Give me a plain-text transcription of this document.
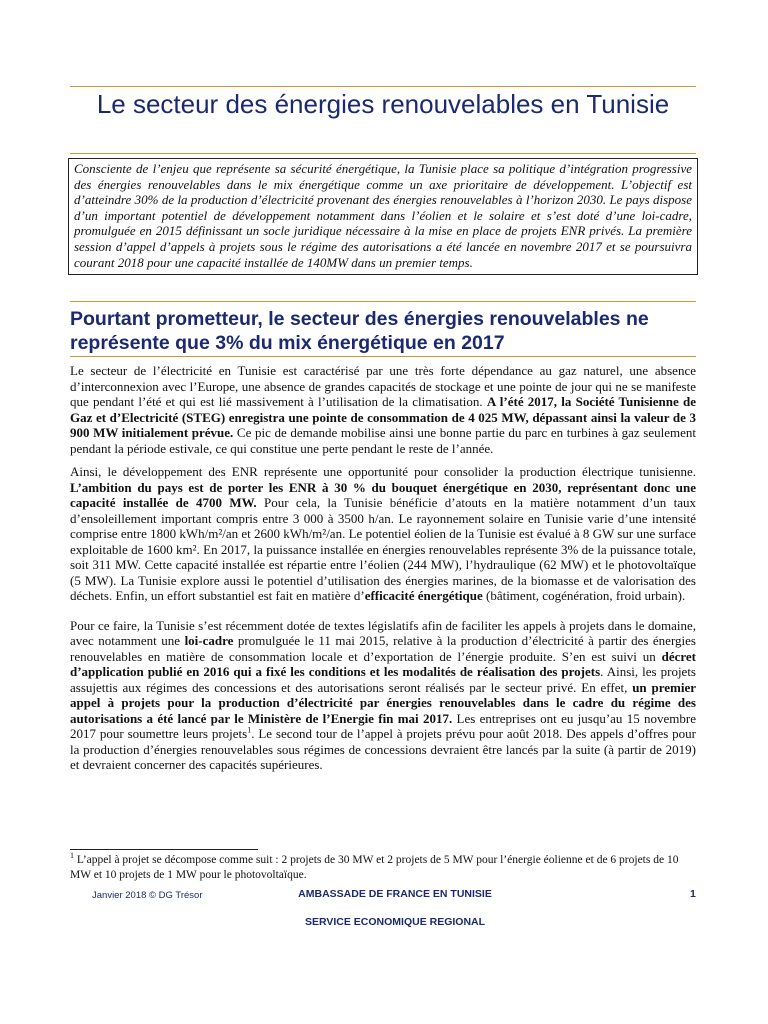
Le secteur des énergies renouvelables en Tunisie

Consciente de l’enjeu que représente sa sécurité énergétique, la Tunisie place sa politique d’intégration progressive des énergies renouvelables dans le mix énergétique comme un axe prioritaire de développement. L’objectif est d’atteindre 30% de la production d’électricité provenant des énergies renouvelables à l’horizon 2030. Le pays dispose d’un important potentiel de développement notamment dans l’éolien et le solaire et s’est doté d’une loi-cadre, promulguée en 2015 définissant un socle juridique nécessaire à la mise en place de projets ENR privés. La première session d’appel d’appels à projets sous le régime des autorisations a été lancée en novembre 2017 et se poursuivra courant 2018 pour une capacité installée de 140MW dans un premier temps.

Pourtant prometteur, le secteur des énergies renouvelables ne représente que 3% du mix énergétique en 2017

Le secteur de l’électricité en Tunisie est caractérisé par une très forte dépendance au gaz naturel, une absence d’interconnexion avec l’Europe, une absence de grandes capacités de stockage et une pointe de jour qui ne se manifeste que pendant l’été et qui est lié massivement à l’utilisation de la climatisation. A l’été 2017, la Société Tunisienne de Gaz et d’Electricité (STEG) enregistra une pointe de consommation de 4 025 MW, dépassant ainsi la valeur de 3 900 MW initialement prévue. Ce pic de demande mobilise ainsi une bonne partie du parc en turbines à gaz seulement pendant la période estivale, ce qui constitue une perte pendant le reste de l’année.

Ainsi, le développement des ENR représente une opportunité pour consolider la production électrique tunisienne. L’ambition du pays est de porter les ENR à 30 % du bouquet énergétique en 2030, représentant donc une capacité installée de 4700 MW. Pour cela, la Tunisie bénéficie d’atouts en la matière notamment d’un taux d’ensoleillement important compris entre 3 000 à 3500 h/an. Le rayonnement solaire en Tunisie varie d’une intensité comprise entre 1800 kWh/m²/an et 2600 kWh/m²/an. Le potentiel éolien de la Tunisie est évalué à 8 GW sur une surface exploitable de 1600 km². En 2017, la puissance installée en énergies renouvelables représente 3% de la puissance totale, soit 311 MW. Cette capacité installée est répartie entre l’éolien (244 MW), l’hydraulique (62 MW) et le photovoltaïque (5 MW). La Tunisie explore aussi le potentiel d’utilisation des énergies marines, de la biomasse et de valorisation des déchets. Enfin, un effort substantiel est fait en matière d’efficacité énergétique (bâtiment, cogénération, froid urbain).

Pour ce faire, la Tunisie s’est récemment dotée de textes législatifs afin de faciliter les appels à projets dans le domaine, avec notamment une loi-cadre promulguée le 11 mai 2015, relative à la production d’électricité à partir des énergies renouvelables en matière de consommation locale et d’exportation de l’énergie produite. S’en est suivi un décret d’application publié en 2016 qui a fixé les conditions et les modalités de réalisation des projets. Ainsi, les projets assujettis aux régimes des concessions et des autorisations seront réalisés par le secteur privé. En effet, un premier appel à projets pour la production d’électricité par énergies renouvelables dans le cadre du régime des autorisations a été lancé par le Ministère de l’Energie fin mai 2017. Les entreprises ont eu jusqu’au 15 novembre 2017 pour soumettre leurs projets$^1$. Le second tour de l’appel à projets prévu pour août 2018. Des appels d’offres pour la production d’énergies renouvelables sous régimes de concessions devraient être lancés par la suite (à partir de 2019) et devraient concerner des capacités supérieures.

$^1$ L’appel à projet se décompose comme suit : 2 projets de 30 MW et 2 projets de 5 MW pour l’énergie éolienne et de 6 projets de 10 MW et 10 projets de 1 MW pour le photovoltaïque.

Janvier 2018 © DG Trésor	AMBASSADE DE FRANCE EN TUNISIE
SERVICE ECONOMIQUE REGIONAL
1
